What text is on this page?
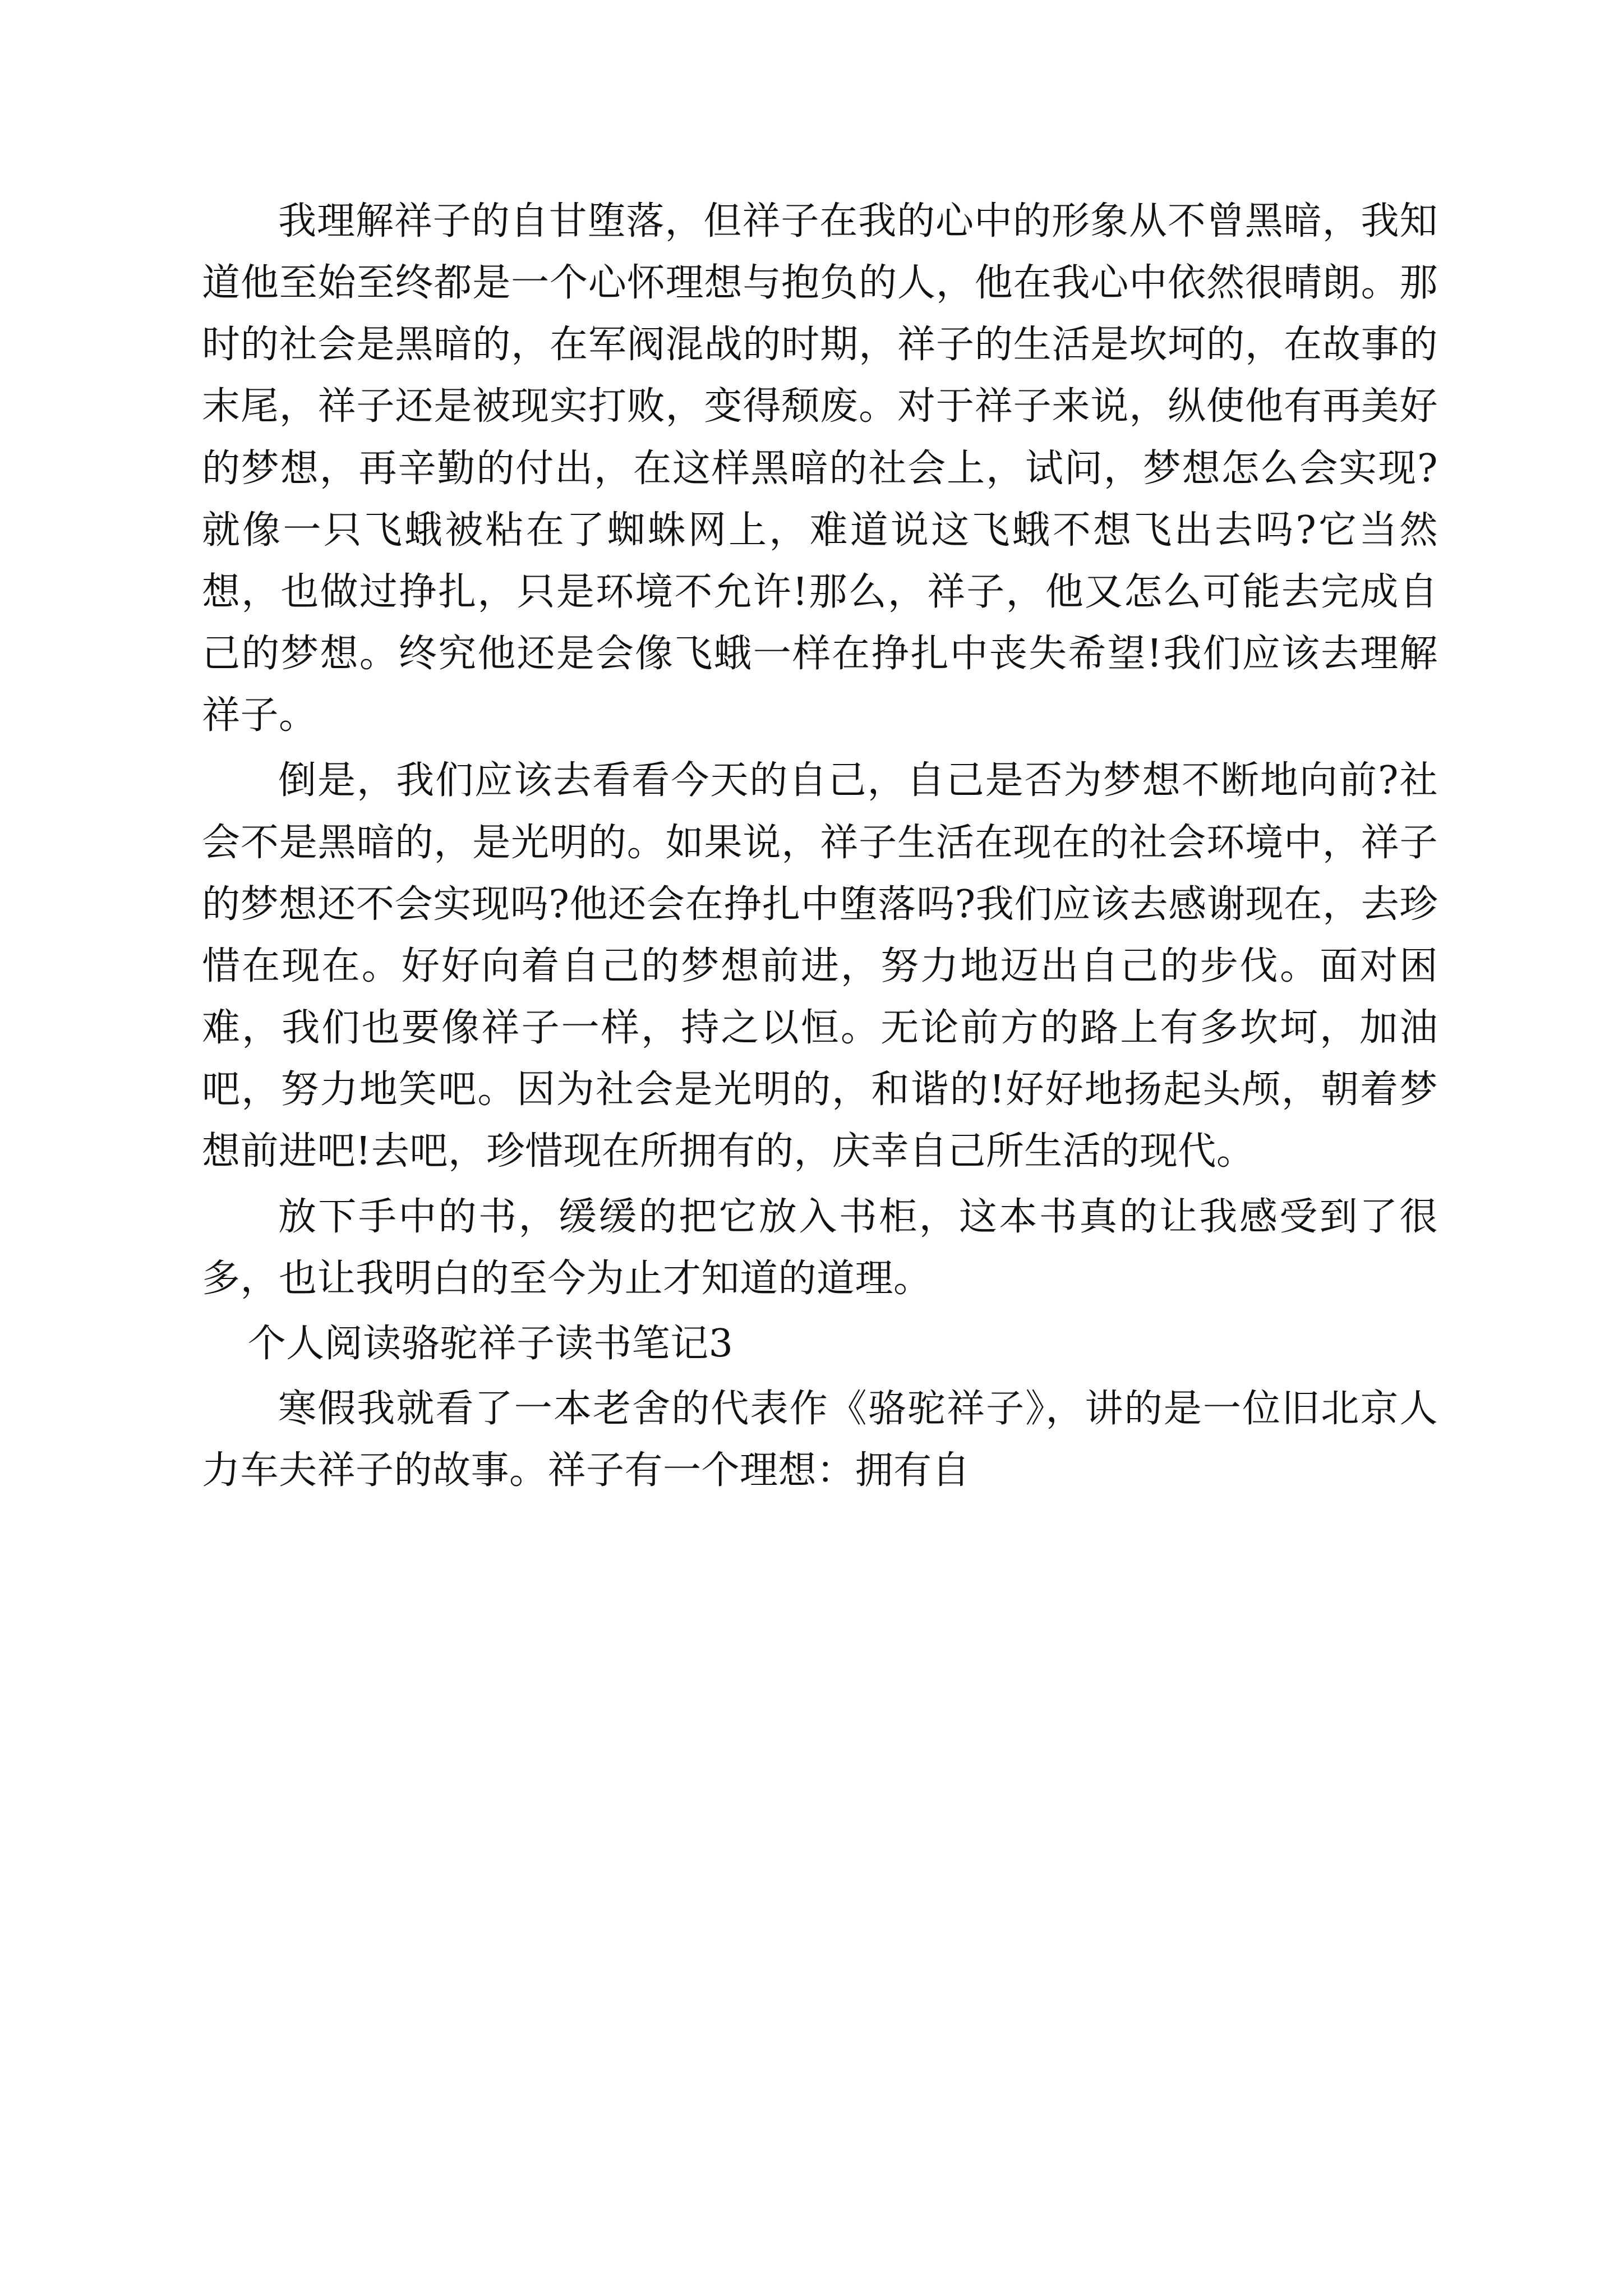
我理解祥子的自甘堕落，但祥子在我的心中的形象从不曾黑暗，我知道他至始至终都是一个心怀理想与抱负的人，他在我心中依然很晴朗。那时的社会是黑暗的，在军阀混战的时期，祥子的生活是坎坷的，在故事的末尾，祥子还是被现实打败，变得颓废。对于祥子来说，纵使他有再美好的梦想，再辛勤的付出，在这样黑暗的社会上，试问，梦想怎么会实现?就像一只飞蛾被粘在了蜘蛛网上，难道说这飞蛾不想飞出去吗?它当然想，也做过挣扎，只是环境不允许!那么，祥子，他又怎么可能去完成自己的梦想。终究他还是会像飞蛾一样在挣扎中丧失希望!我们应该去理解祥子。

倒是，我们应该去看看今天的自己，自己是否为梦想不断地向前?社会不是黑暗的，是光明的。如果说，祥子生活在现在的社会环境中，祥子的梦想还不会实现吗?他还会在挣扎中堕落吗?我们应该去感谢现在，去珍惜在现在。好好向着自己的梦想前进，努力地迈出自己的步伐。面对困难，我们也要像祥子一样，持之以恒。无论前方的路上有多坎坷，加油吧，努力地笑吧。因为社会是光明的，和谐的!好好地扬起头颅，朝着梦想前进吧!去吧，珍惜现在所拥有的，庆幸自己所生活的现代。

放下手中的书，缓缓的把它放入书柜，这本书真的让我感受到了很多，也让我明白的至今为止才知道的道理。

个人阅读骆驼祥子读书笔记3

寒假我就看了一本老舍的代表作《骆驼祥子》，讲的是一位旧北京人力车夫祥子的故事。祥子有一个理想：拥有自
